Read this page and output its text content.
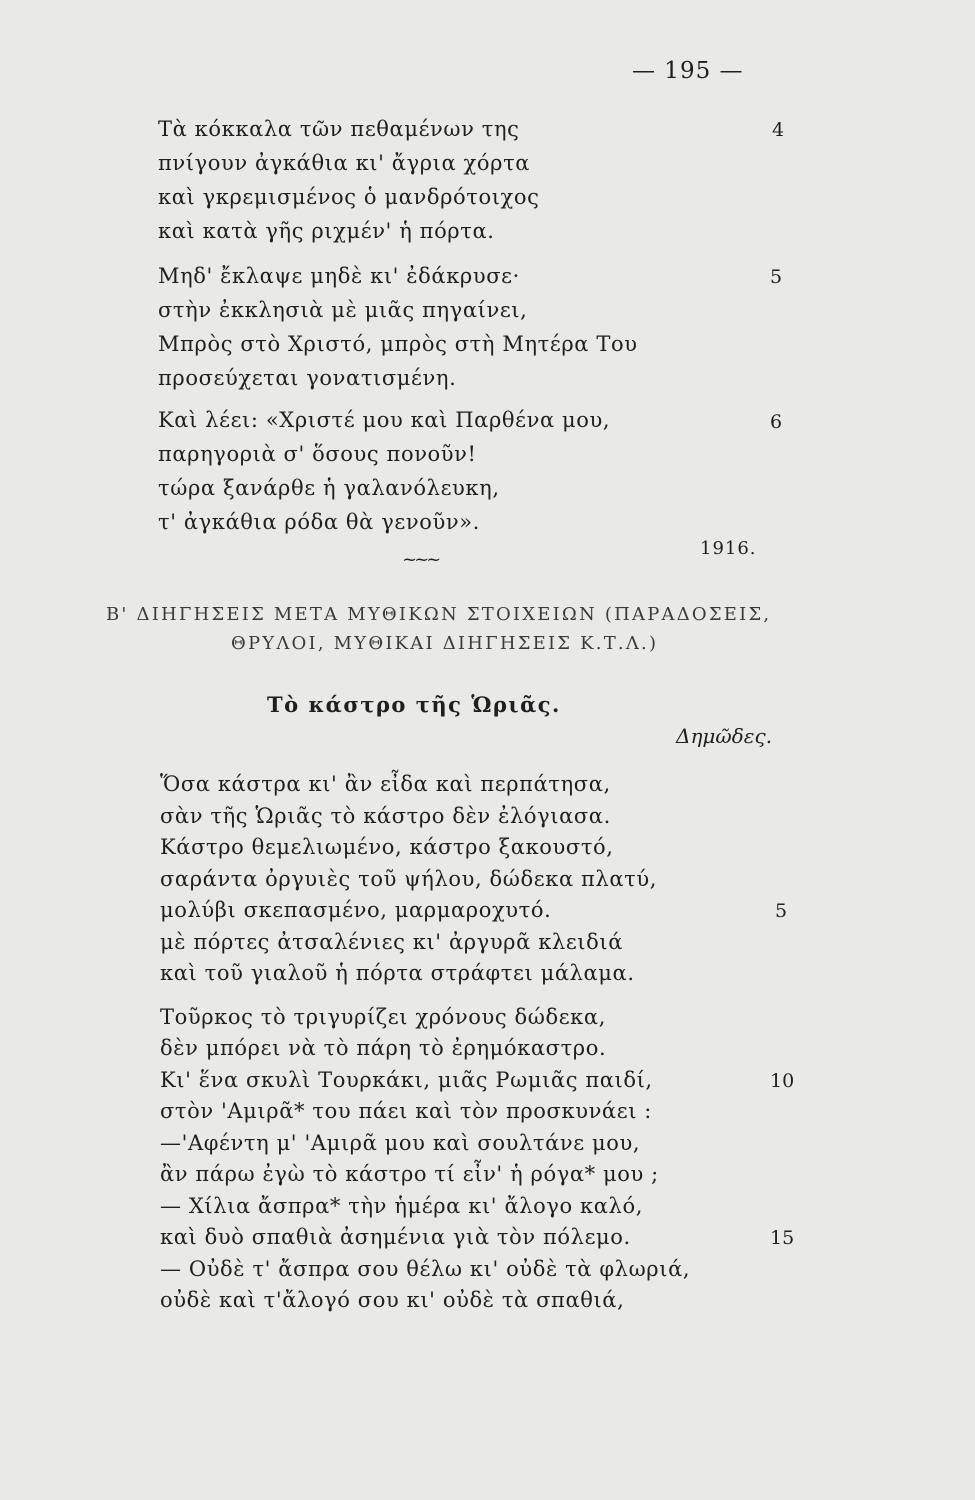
— 195 —
Τὰ κόκκαλα τῶν πεθαμένων της	4
πνίγουν ἀγκάθια κι' ἄγρια χόρτα
καὶ γκρεμισμένος ὁ μανδρότοιχος
καὶ κατὰ γῆς ριχμέν' ἡ πόρτα.
Μηδ' ἔκλαψε μηδὲ κι' ἐδάκρυσε·	5
στὴν ἐκκλησιὰ μὲ μιᾶς πηγαίνει,
Μπρὸς στὸ Χριστό, μπρὸς στὴ Μητέρα Του
προσεύχεται γονατισμένη.
Καὶ λέει: «Χριστέ μου καὶ Παρθένα μου,	6
παρηγοριὰ σ' ὅσους πονοῦν!
τώρα ξανάρθε ἡ γαλανόλευκη,
τ' ἀγκάθια ρόδα θὰ γενοῦν».
1916.
~~~
Β' ΔΙΗΓΗΣΕΙΣ ΜΕΤΑ ΜΥΘΙΚΩΝ ΣΤΟΙΧΕΙΩΝ (ΠΑΡΑΔΟΣΕΙΣ,
ΘΡΥΛΟΙ, ΜΥΘΙΚΑΙ ΔΙΗΓΗΣΕΙΣ Κ.Τ.Λ.)
Τὸ κάστρο τῆς Ὡριᾶς.
Δημῶδες.
Ὅσα κάστρα κι' ἂν εἶδα καὶ περπάτησα,
σὰν τῆς Ὡριᾶς τὸ κάστρο δὲν ἐλόγιασα.
Κάστρο θεμελιωμένο, κάστρο ξακουστό,
σαράντα ὀργυιὲς τοῦ ψήλου, δώδεκα πλατύ,
μολύβι σκεπασμένο, μαρμαροχυτό.	5
μὲ πόρτες ἀτσαλένιες κι' ἀργυρᾶ κλειδιά
καὶ τοῦ γιαλοῦ ἡ πόρτα στράφτει μάλαμα.
Τοῦρκος τὸ τριγυρίζει χρόνους δώδεκα,
δὲν μπόρει νὰ τὸ πάρη τὸ ἐρημόκαστρο.
Κι' ἕνα σκυλὶ Τουρκάκι, μιᾶς Ρωμιᾶς παιδί,	10
στὸν 'Αμιρᾶ* του πάει καὶ τὸν προσκυνάει :
—'Αφέντη μ' 'Αμιρᾶ μου καὶ σουλτάνε μου,
ἂν πάρω ἐγὼ τὸ κάστρο τί εἶν' ἡ ρόγα* μου ;
— Χίλια ἄσπρα* τὴν ἡμέρα κι' ἄλογο καλό,
καὶ δυὸ σπαθιὰ ἀσημένια γιὰ τὸν πόλεμο.	15
— Οὐδὲ τ' ἄσπρα σου θέλω κι' οὐδὲ τὰ φλωριά,
οὐδὲ καὶ τ'ἄλογό σου κι' οὐδὲ τὰ σπαθιά,
